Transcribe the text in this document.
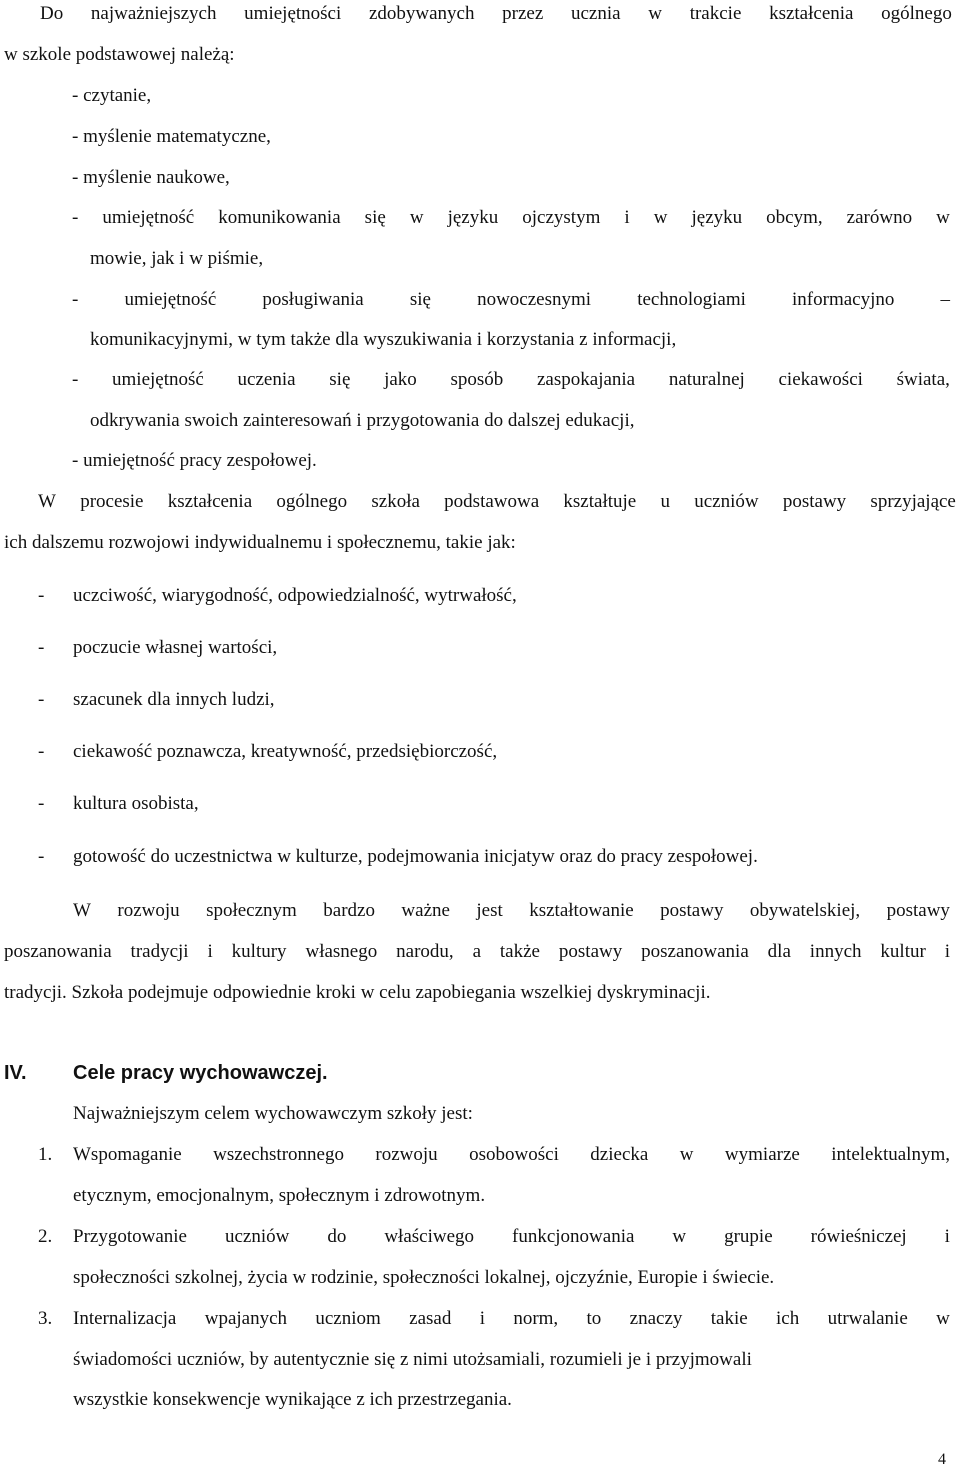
Do najważniejszych umiejętności zdobywanych przez ucznia w trakcie kształcenia ogólnego
w szkole podstawowej należą:
- czytanie,
- myślenie matematyczne,
- myślenie naukowe,
- umiejętność komunikowania się w języku ojczystym i w języku obcym, zarówno w
mowie, jak i w piśmie,
- umiejętność posługiwania się nowoczesnymi technologiami informacyjno –
komunikacyjnymi, w tym także dla wyszukiwania i korzystania z informacji,
- umiejętność uczenia się jako sposób zaspokajania naturalnej ciekawości świata,
odkrywania swoich zainteresowań i przygotowania do dalszej edukacji,
- umiejętność pracy zespołowej.
W procesie kształcenia ogólnego szkoła podstawowa kształtuje u uczniów postawy sprzyjające
ich dalszemu rozwojowi indywidualnemu i społecznemu, takie jak:
- uczciwość, wiarygodność, odpowiedzialność, wytrwałość,
- poczucie własnej wartości,
- szacunek dla innych ludzi,
- ciekawość poznawcza, kreatywność, przedsiębiorczość,
- kultura osobista,
- gotowość do uczestnictwa w kulturze, podejmowania inicjatyw oraz do pracy zespołowej.
W rozwoju społecznym bardzo ważne jest kształtowanie postawy obywatelskiej, postawy
poszanowania tradycji i kultury własnego narodu, a także postawy poszanowania dla innych kultur i
tradycji. Szkoła podejmuje odpowiednie kroki w celu zapobiegania wszelkiej dyskryminacji.
IV. Cele pracy wychowawczej.
Najważniejszym celem wychowawczym szkoły jest:
1. Wspomaganie wszechstronnego rozwoju osobowości dziecka w wymiarze intelektualnym,
etycznym, emocjonalnym, społecznym i zdrowotnym.
2. Przygotowanie uczniów do właściwego funkcjonowania w grupie rówieśniczej i
społeczności szkolnej, życia w rodzinie, społeczności lokalnej, ojczyźnie, Europie i świecie.
3. Internalizacja wpajanych uczniom zasad i norm, to znaczy takie ich utrwalanie w
świadomości uczniów, by autentycznie się z nimi utożsamiali, rozumieli je i przyjmowali
wszystkie konsekwencje wynikające z ich przestrzegania.
4
